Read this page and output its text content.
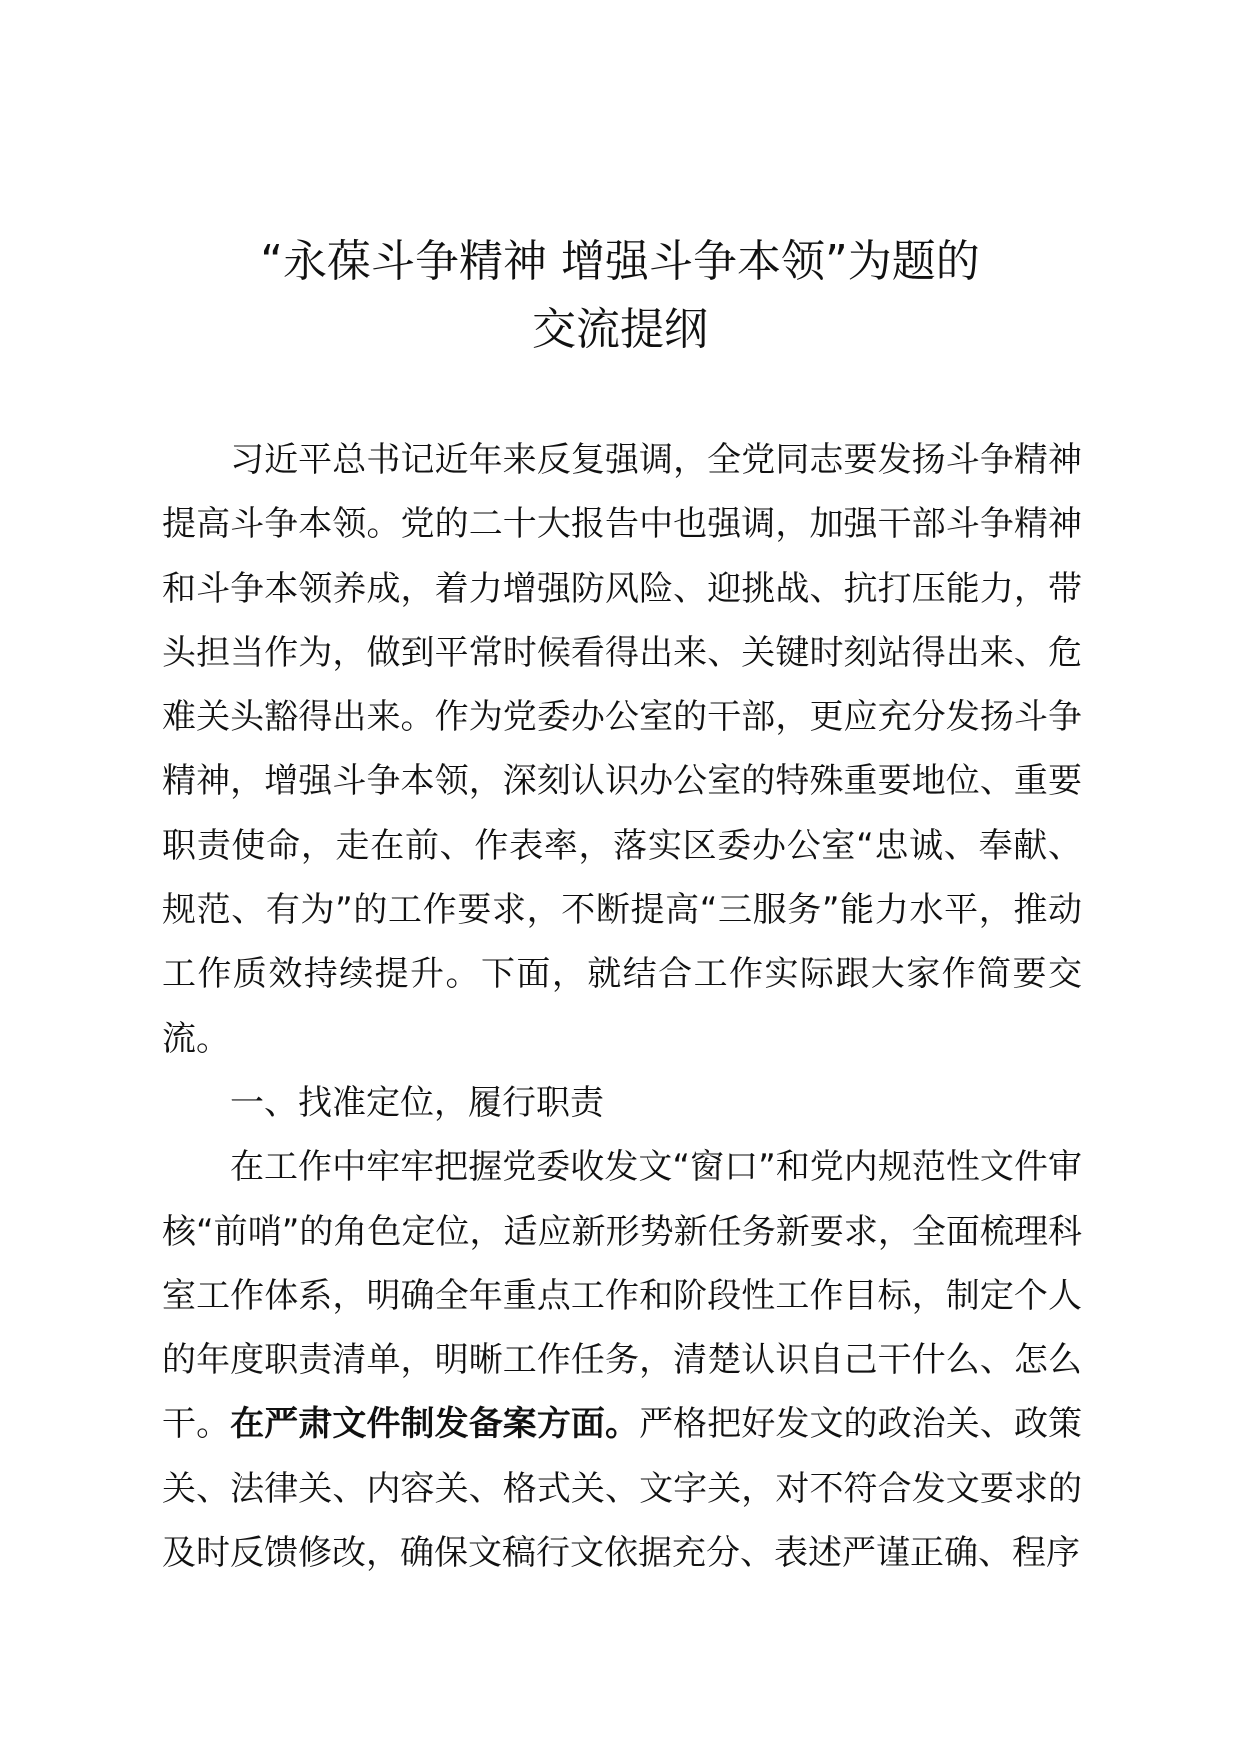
“永葆斗争精神 增强斗争本领”为题的
交流提纲

习近平总书记近年来反复强调，全党同志要发扬斗争精神提高斗争本领。党的二十大报告中也强调，加强干部斗争精神和斗争本领养成，着力增强防风险、迎挑战、抗打压能力，带头担当作为，做到平常时候看得出来、关键时刻站得出来、危难关头豁得出来。作为党委办公室的干部，更应充分发扬斗争精神，增强斗争本领，深刻认识办公室的特殊重要地位、重要职责使命，走在前、作表率，落实区委办公室“忠诚、奉献、规范、有为”的工作要求，不断提高“三服务”能力水平，推动工作质效持续提升。下面，就结合工作实际跟大家作简要交流。

一、找准定位，履行职责

在工作中牢牢把握党委收发文“窗口”和党内规范性文件审核“前哨”的角色定位，适应新形势新任务新要求，全面梳理科室工作体系，明确全年重点工作和阶段性工作目标，制定个人的年度职责清单，明晰工作任务，清楚认识自己干什么、怎么干。在严肃文件制发备案方面。严格把好发文的政治关、政策关、法律关、内容关、格式关、文字关，对不符合发文要求的及时反馈修改，确保文稿行文依据充分、表述严谨正确、程序
